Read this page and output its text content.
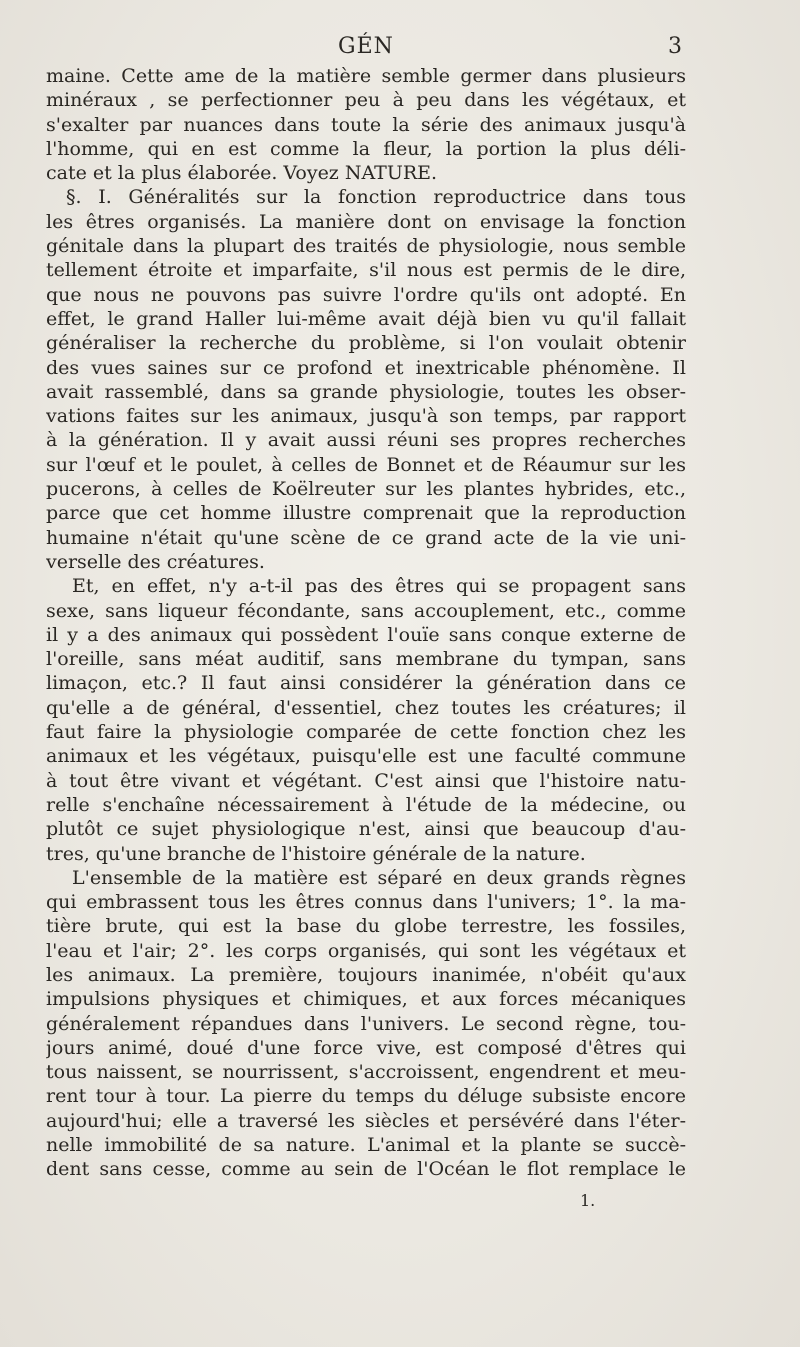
GÉN	3
maine. Cette ame de la matière semble germer dans plusieurs
minéraux , se perfectionner peu à peu dans les végétaux, et
s'exalter par nuances dans toute la série des animaux jusqu'à
l'homme, qui en est comme la fleur, la portion la plus déli-
cate et la plus élaborée. Voyez NATURE.
§. I. Généralités sur la fonction reproductrice dans tous
les êtres organisés. La manière dont on envisage la fonction
génitale dans la plupart des traités de physiologie, nous semble
tellement étroite et imparfaite, s'il nous est permis de le dire,
que nous ne pouvons pas suivre l'ordre qu'ils ont adopté. En
effet, le grand Haller lui-même avait déjà bien vu qu'il fallait
généraliser la recherche du problème, si l'on voulait obtenir
des vues saines sur ce profond et inextricable phénomène. Il
avait rassemblé, dans sa grande physiologie, toutes les obser-
vations faites sur les animaux, jusqu'à son temps, par rapport
à la génération. Il y avait aussi réuni ses propres recherches
sur l'œuf et le poulet, à celles de Bonnet et de Réaumur sur les
pucerons, à celles de Koëlreuter sur les plantes hybrides, etc.,
parce que cet homme illustre comprenait que la reproduction
humaine n'était qu'une scène de ce grand acte de la vie uni-
verselle des créatures.
Et, en effet, n'y a-t-il pas des êtres qui se propagent sans
sexe, sans liqueur fécondante, sans accouplement, etc., comme
il y a des animaux qui possèdent l'ouïe sans conque externe de
l'oreille, sans méat auditif, sans membrane du tympan, sans
limaçon, etc.? Il faut ainsi considérer la génération dans ce
qu'elle a de général, d'essentiel, chez toutes les créatures; il
faut faire la physiologie comparée de cette fonction chez les
animaux et les végétaux, puisqu'elle est une faculté commune
à tout être vivant et végétant. C'est ainsi que l'histoire natu-
relle s'enchaîne nécessairement à l'étude de la médecine, ou
plutôt ce sujet physiologique n'est, ainsi que beaucoup d'au-
tres, qu'une branche de l'histoire générale de la nature.
L'ensemble de la matière est séparé en deux grands règnes
qui embrassent tous les êtres connus dans l'univers; 1°. la ma-
tière brute, qui est la base du globe terrestre, les fossiles,
l'eau et l'air; 2°. les corps organisés, qui sont les végétaux et
les animaux. La première, toujours inanimée, n'obéit qu'aux
impulsions physiques et chimiques, et aux forces mécaniques
généralement répandues dans l'univers. Le second règne, tou-
jours animé, doué d'une force vive, est composé d'êtres qui
tous naissent, se nourrissent, s'accroissent, engendrent et meu-
rent tour à tour. La pierre du temps du déluge subsiste encore
aujourd'hui; elle a traversé les siècles et persévéré dans l'éter-
nelle immobilité de sa nature. L'animal et la plante se succè-
dent sans cesse, comme au sein de l'Océan le flot remplace le
1.
